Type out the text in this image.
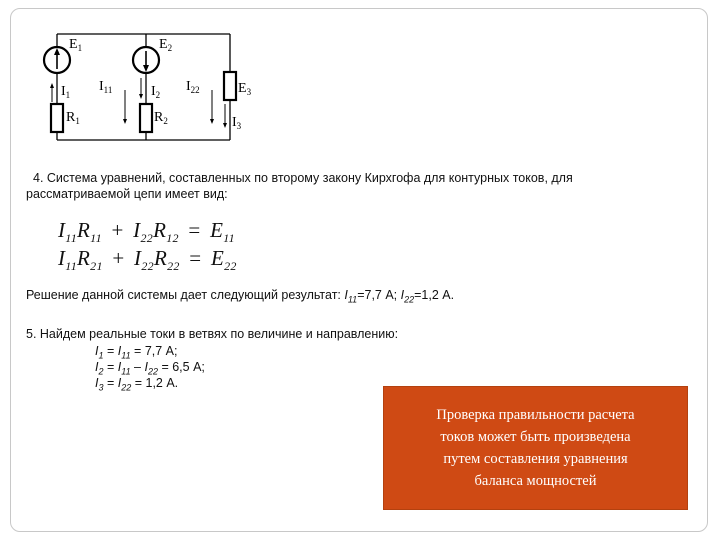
$E_1$	$E_2$
$E_3$
$I_1$	$I_2$
$I_3$
$R_1$	$R_2$
$I_{11}$	$I_{22}$
4. Система уравнений, составленных по второму закону Кирхгофа для контурных токов, для
рассматриваемой цепи имеет вид:
$I_{11}R_{11} + I_{22}R_{12} = E_{11}$
$I_{11}R_{21} + I_{22}R_{22} = E_{22}$
Решение данной системы дает следующий результат: $I_{11}=7,7$ А; $I_{22}=1,2$ А.
5. Найдем реальные токи в ветвях по величине и направлению:
$I_1 = I_{11} = 7,7$ А;
$I_2 = I_{11} - I_{22} = 6,5$ А;
$I_3 = I_{22} = 1,2$ А.
Проверка правильности расчета токов может быть произведена путем составления уравнения баланса мощностей
